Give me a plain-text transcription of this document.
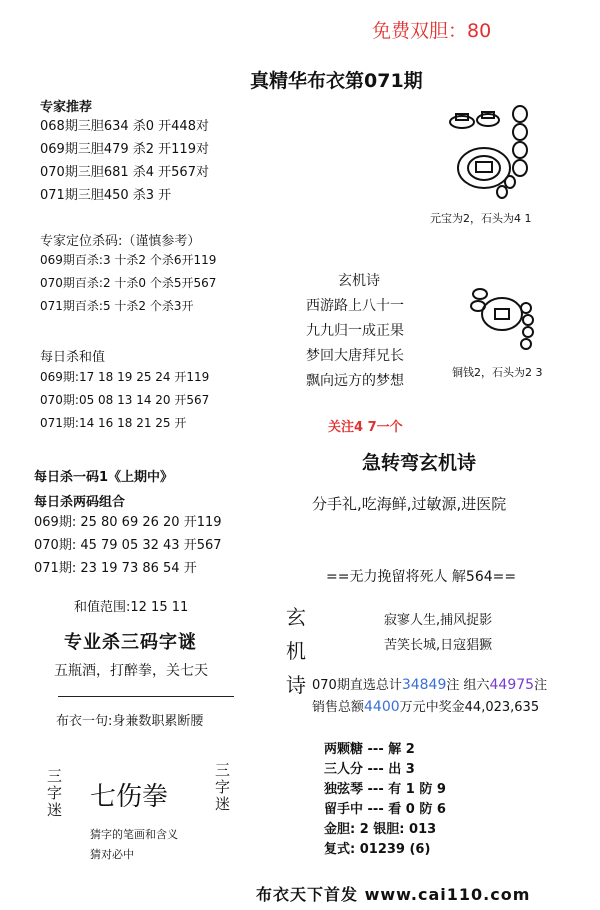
免费双胆：80
真精华布衣第071期
专家推荐
068期三胆634 杀0 开448对
069期三胆479 杀2 开119对
070期三胆681 杀4 开567对
071期三胆450 杀3 开
专家定位杀码:（谨慎参考）
069期百杀:3 十杀2 个杀6开119
070期百杀:2 十杀0 个杀5开567
071期百杀:5 十杀2 个杀3开
每日杀和值
069期:17 18 19 25 24 开119
070期:05 08 13 14 20 开567
071期:14 16 18 21 25 开
每日杀一码1《上期中》
每日杀两码组合
069期: 25 80 69 26 20 开119
070期: 45 79 05 32 43 开567
071期: 23 19 73 86 54 开
和值范围:12 15 11
专业杀三码字谜
五瓶酒，打醉拳，关七天
布衣一句:身兼数职累断腰
三字迷 七伤拳	三字迷
猜字的笔画和含义
猜对必中
元宝为2，石头为4 1
玄机诗
西游路上八十一
九九归一成正果
梦回大唐拜兄长
飘向远方的梦想
铜钱2，石头为2 3
关注4 7一个
急转弯玄机诗
分手礼,吃海鲜,过敏源,进医院
==无力挽留将死人 解564==
玄
机
诗
寂寥人生,捕风捉影
苦笑长城,日寇猖獗
070期直选总计34849注 组六44975注
销售总额4400万元中奖金44,023,635
两颗糖 --- 解 2
三人分 --- 出 3
独弦琴 --- 有 1 防 9
留手中 --- 看 0 防 6
金胆: 2 银胆: 013
复式: 01239 (6)
布衣天下首发 www.cai110.com
